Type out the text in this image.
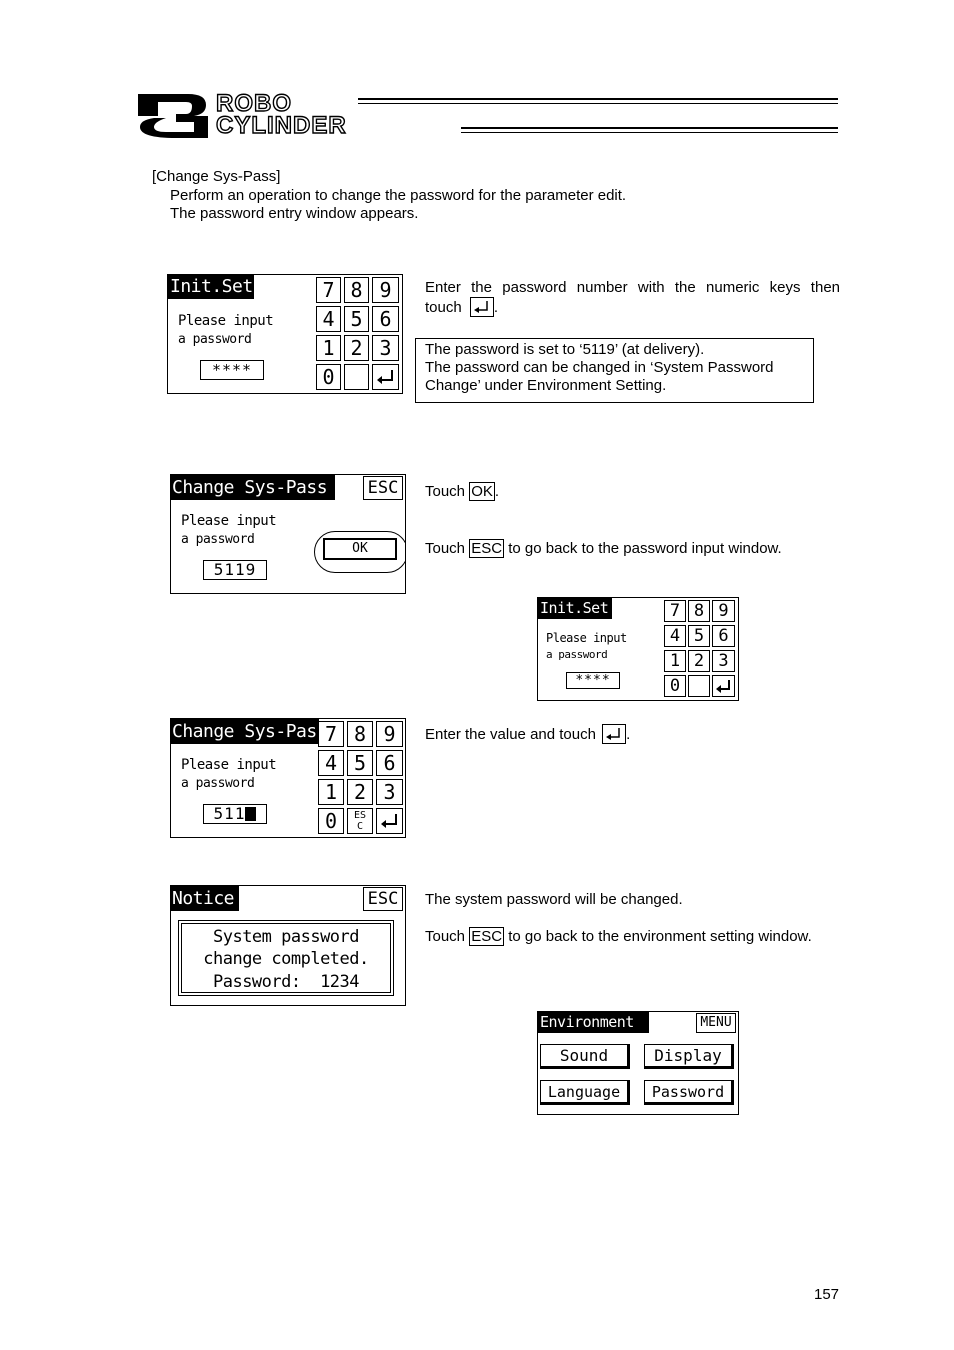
ROBO
CYLINDER
[Change Sys-Pass]
Perform an operation to change the password for the parameter edit.
The password entry window appears.
Init.Set
Please input
a password
****
7 8 9
4 5 6
1 2 3
0
Enter the password number with the numeric keys then
touch .
The password is set to ‘5119’ (at delivery).
The password can be changed in ‘System Password
Change’ under Environment Setting.
Change Sys-Pass	ESC
Please input
a password
5119
OK
Touch OK .
Touch ESC to go back to the password input window.
Init.Set
Please input
a password
****
7 8 9
4 5 6
1 2 3
0
Change Sys-Pas
Please input
a password
511
7 8 9
4 5 6
1 2 3
0	ES C
Enter the value and touch .
Notice	ESC
System password
change completed.
Password:  1234
The system password will be changed.
Touch ESC to go back to the environment setting window.
Environment	MENU
Sound	Display
Language	Password
157
